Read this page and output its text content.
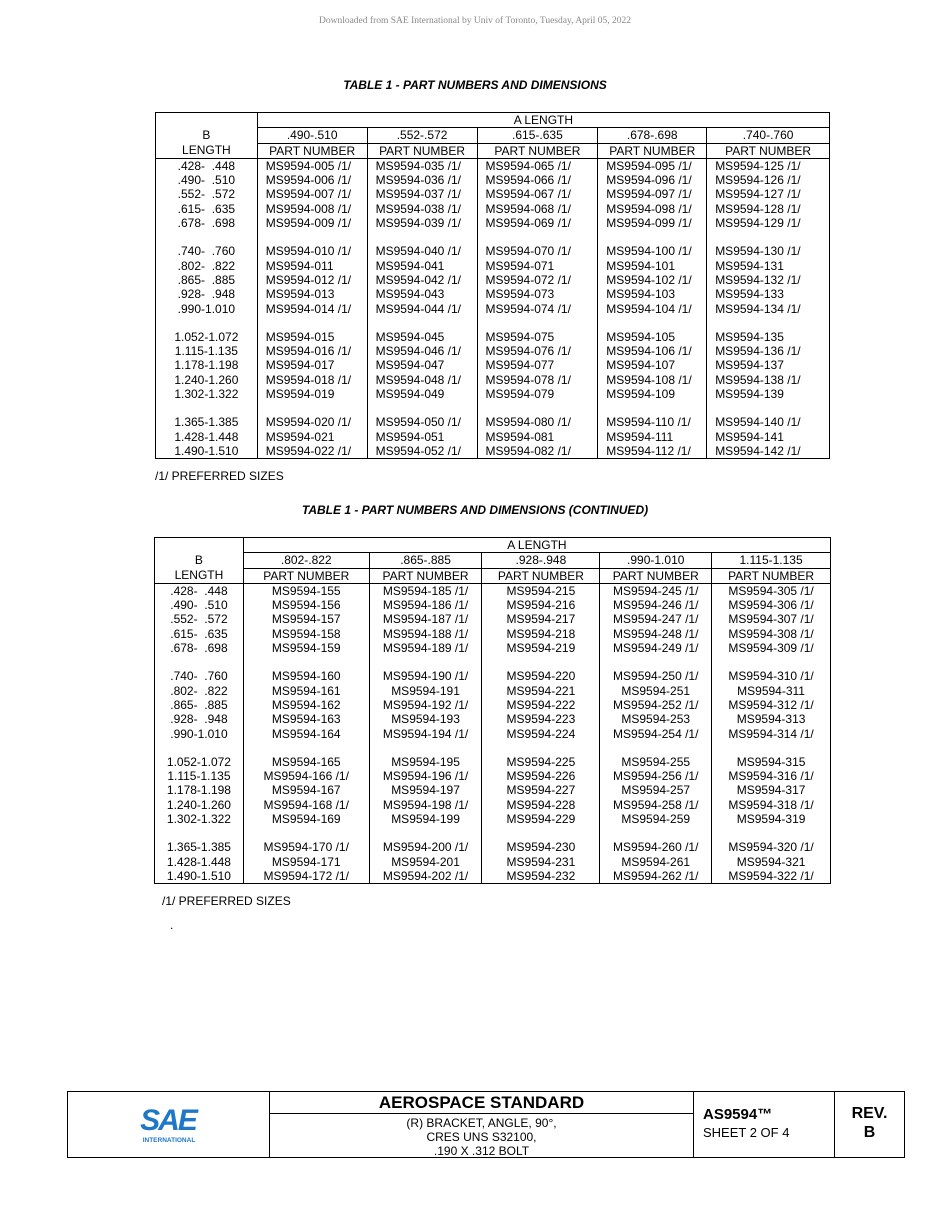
Downloaded from SAE International by Univ of Toronto, Tuesday, April 05, 2022
TABLE 1 - PART NUMBERS AND DIMENSIONS
	A LENGTH				
B	.490-.510	.552-.572	.615-.635	.678-.698	.740-.760
LENGTH	PART NUMBER	PART NUMBER	PART NUMBER	PART NUMBER	PART NUMBER
.428-  .448	MS9594-005 /1/	MS9594-035 /1/	MS9594-065 /1/	MS9594-095 /1/	MS9594-125 /1/
.490-  .510	MS9594-006 /1/	MS9594-036 /1/	MS9594-066 /1/	MS9594-096 /1/	MS9594-126 /1/
.552-  .572	MS9594-007 /1/	MS9594-037 /1/	MS9594-067 /1/	MS9594-097 /1/	MS9594-127 /1/
.615-  .635	MS9594-008 /1/	MS9594-038 /1/	MS9594-068 /1/	MS9594-098 /1/	MS9594-128 /1/
.678-  .698	MS9594-009 /1/	MS9594-039 /1/	MS9594-069 /1/	MS9594-099 /1/	MS9594-129 /1/

.740-  .760	MS9594-010 /1/	MS9594-040 /1/	MS9594-070 /1/	MS9594-100 /1/	MS9594-130 /1/
.802-  .822	MS9594-011	MS9594-041	MS9594-071	MS9594-101	MS9594-131
.865-  .885	MS9594-012 /1/	MS9594-042 /1/	MS9594-072 /1/	MS9594-102 /1/	MS9594-132 /1/
.928-  .948	MS9594-013	MS9594-043	MS9594-073	MS9594-103	MS9594-133
.990-1.010	MS9594-014 /1/	MS9594-044 /1/	MS9594-074 /1/	MS9594-104 /1/	MS9594-134 /1/

1.052-1.072	MS9594-015	MS9594-045	MS9594-075	MS9594-105	MS9594-135
1.115-1.135	MS9594-016 /1/	MS9594-046 /1/	MS9594-076 /1/	MS9594-106 /1/	MS9594-136 /1/
1.178-1.198	MS9594-017	MS9594-047	MS9594-077	MS9594-107	MS9594-137
1.240-1.260	MS9594-018 /1/	MS9594-048 /1/	MS9594-078 /1/	MS9594-108 /1/	MS9594-138 /1/
1.302-1.322	MS9594-019	MS9594-049	MS9594-079	MS9594-109	MS9594-139

1.365-1.385	MS9594-020 /1/	MS9594-050 /1/	MS9594-080 /1/	MS9594-110 /1/	MS9594-140 /1/
1.428-1.448	MS9594-021	MS9594-051	MS9594-081	MS9594-111	MS9594-141
1.490-1.510	MS9594-022 /1/	MS9594-052 /1/	MS9594-082 /1/	MS9594-112 /1/	MS9594-142 /1/
/1/ PREFERRED SIZES
TABLE 1 - PART NUMBERS AND DIMENSIONS (CONTINUED)
	A LENGTH				
B	.802-.822	.865-.885	.928-.948	.990-1.010	1.115-1.135
LENGTH	PART NUMBER	PART NUMBER	PART NUMBER	PART NUMBER	PART NUMBER
.428-  .448	MS9594-155	MS9594-185 /1/	MS9594-215	MS9594-245 /1/	MS9594-305 /1/
.490-  .510	MS9594-156	MS9594-186 /1/	MS9594-216	MS9594-246 /1/	MS9594-306 /1/
.552-  .572	MS9594-157	MS9594-187 /1/	MS9594-217	MS9594-247 /1/	MS9594-307 /1/
.615-  .635	MS9594-158	MS9594-188 /1/	MS9594-218	MS9594-248 /1/	MS9594-308 /1/
.678-  .698	MS9594-159	MS9594-189 /1/	MS9594-219	MS9594-249 /1/	MS9594-309 /1/

.740-  .760	MS9594-160	MS9594-190 /1/	MS9594-220	MS9594-250 /1/	MS9594-310 /1/
.802-  .822	MS9594-161	MS9594-191	MS9594-221	MS9594-251	MS9594-311
.865-  .885	MS9594-162	MS9594-192 /1/	MS9594-222	MS9594-252 /1/	MS9594-312 /1/
.928-  .948	MS9594-163	MS9594-193	MS9594-223	MS9594-253	MS9594-313
.990-1.010	MS9594-164	MS9594-194 /1/	MS9594-224	MS9594-254 /1/	MS9594-314 /1/

1.052-1.072	MS9594-165	MS9594-195	MS9594-225	MS9594-255	MS9594-315
1.115-1.135	MS9594-166 /1/	MS9594-196 /1/	MS9594-226	MS9594-256 /1/	MS9594-316 /1/
1.178-1.198	MS9594-167	MS9594-197	MS9594-227	MS9594-257	MS9594-317
1.240-1.260	MS9594-168 /1/	MS9594-198 /1/	MS9594-228	MS9594-258 /1/	MS9594-318 /1/
1.302-1.322	MS9594-169	MS9594-199	MS9594-229	MS9594-259	MS9594-319

1.365-1.385	MS9594-170 /1/	MS9594-200 /1/	MS9594-230	MS9594-260 /1/	MS9594-320 /1/
1.428-1.448	MS9594-171	MS9594-201	MS9594-231	MS9594-261	MS9594-321
1.490-1.510	MS9594-172 /1/	MS9594-202 /1/	MS9594-232	MS9594-262 /1/	MS9594-322 /1/
/1/ PREFERRED SIZES
.
SAE
INTERNATIONAL
AEROSPACE STANDARD
(R) BRACKET, ANGLE, 90°,
CRES UNS S32100,
.190 X .312 BOLT
AS9594™
SHEET 2 OF 4
REV.
B
